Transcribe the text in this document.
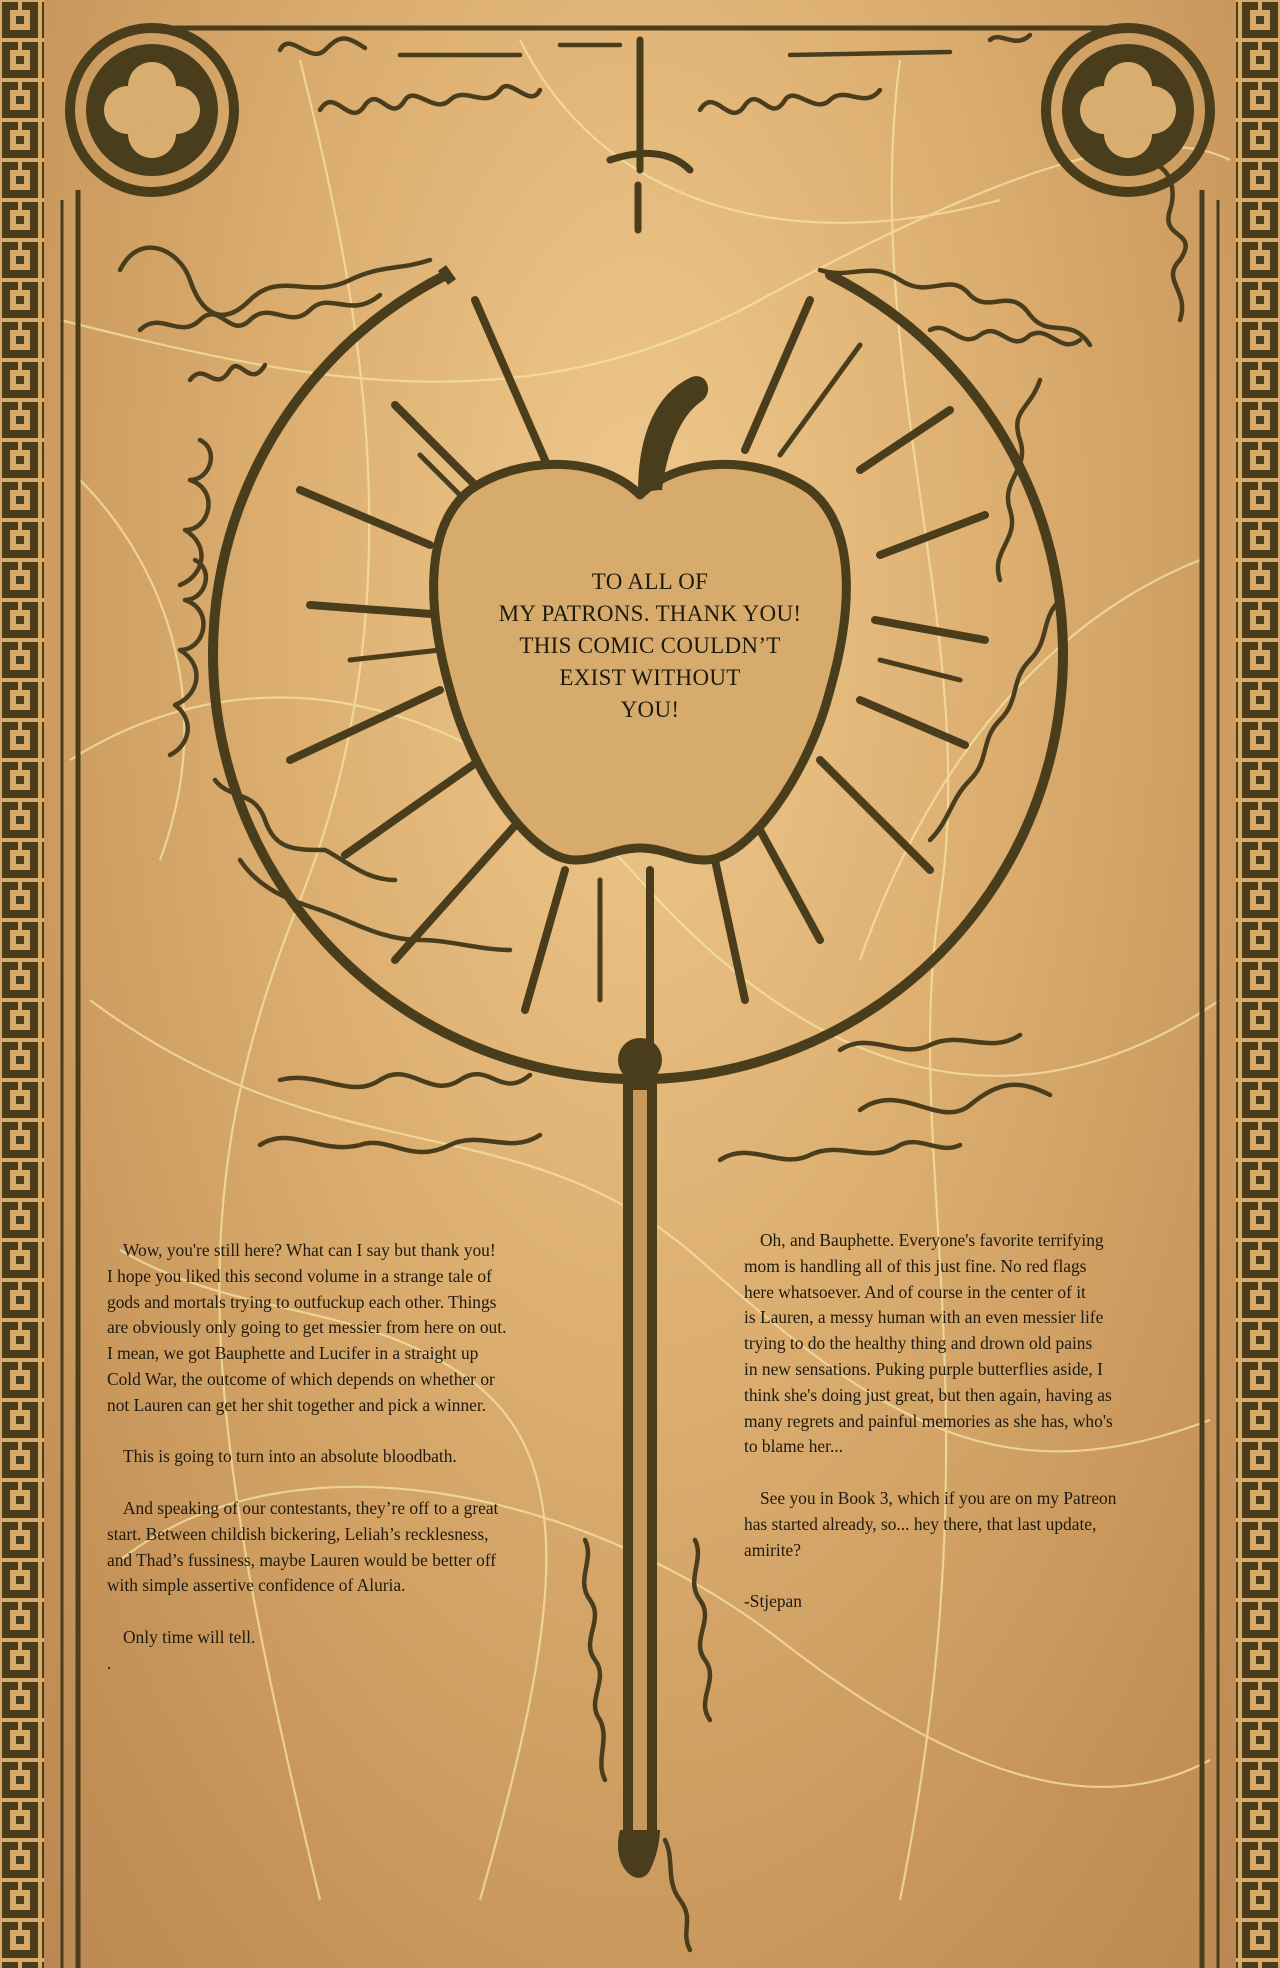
TO ALL OF
MY PATRONS. THANK YOU!
THIS COMIC COULDN’T
EXIST WITHOUT
YOU!

Wow, you're still here? What can I say but thank you!
I hope you liked this second volume in a strange tale of
gods and mortals trying to outfuckup each other. Things
are obviously only going to get messier from here on out.
I mean, we got Bauphette and Lucifer in a straight up
Cold War, the outcome of which depends on whether or
not Lauren can get her shit together and pick a winner.

This is going to turn into an absolute bloodbath.

And speaking of our contestants, they’re off to a great
start. Between childish bickering, Leliah’s recklesness,
and Thad’s fussiness, maybe Lauren would be better off
with simple assertive confidence of Aluria.

Only time will tell.

.

Oh, and Bauphette. Everyone's favorite terrifying
mom is handling all of this just fine. No red flags
here whatsoever. And of course in the center of it
is Lauren, a messy human with an even messier life
trying to do the healthy thing and drown old pains
in new sensations. Puking purple butterflies aside, I
think she's doing just great, but then again, having as
many regrets and painful memories as she has, who's
to blame her...

See you in Book 3, which if you are on my Patreon
has started already, so... hey there, that last update,
amirite?

-Stjepan
